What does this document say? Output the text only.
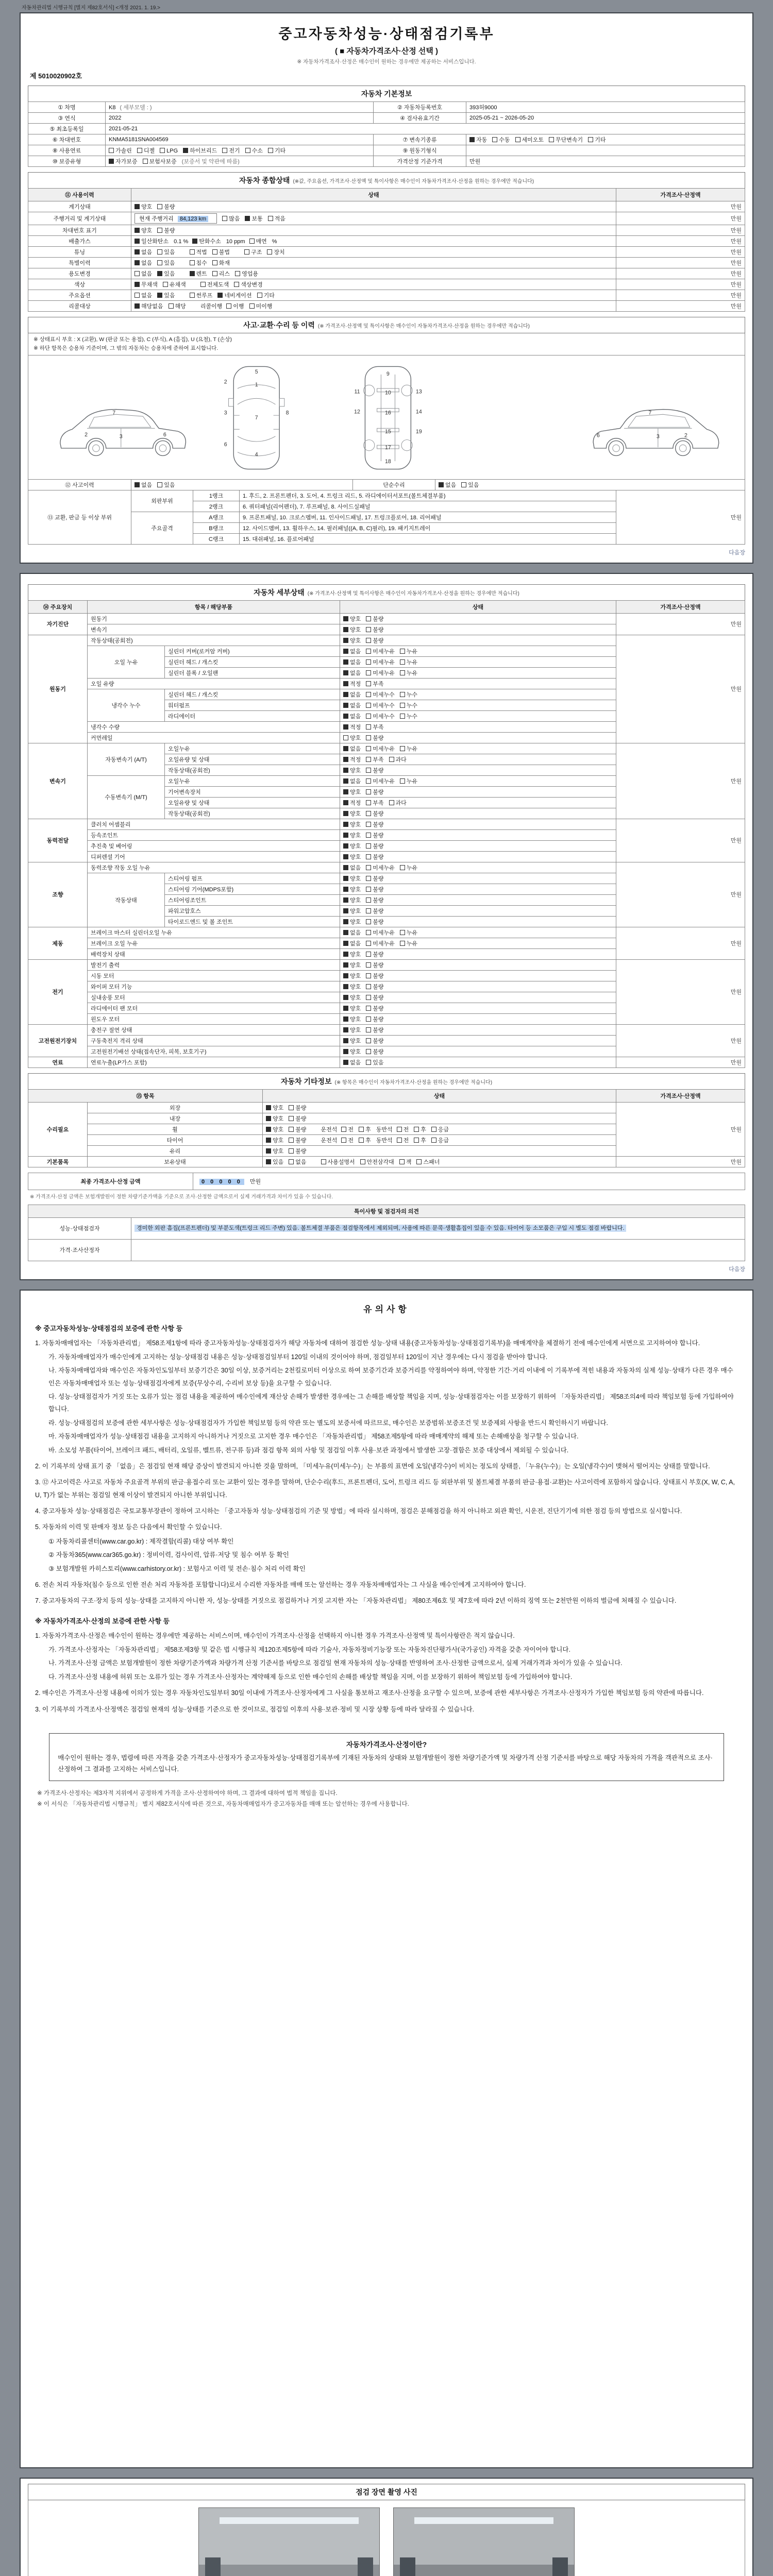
자동차관리법 시행규칙 [별지 제82호서식] <개정 2021. 1. 19.>
중고자동차성능·상태점검기록부
( ■ 자동차가격조사·산정 선택 )
※ 자동차가격조사·산정은 매수인이 원하는 경우에만 제공하는 서비스입니다.
제 5010020902호
자동차 기본정보
① 차명	K8 ( 세부모델 : )	② 자동차등록번호	393허9000
③ 연식	2022	④ 검사유효기간	2025-05-21 ~ 2026-05-20
⑤ 최초등록일	2021-05-21		
⑥ 차대번호	KNMA5181SNA004569	⑦ 변속기종류	자동 수동 세미오토 무단변속기 기타
⑧ 사용연료	가솔린 디젤 LPG 하이브리드 전기 수소 기타	⑨ 원동기형식	
⑩ 보증유형	자가보증 보험사보증 (보증서 및 약관에 따름)	가격산정 기준가격	만원
자동차 종합상태 (※값, 주요옵션, 가격조사·산정액 및 특이사항은 매수인이 자동차가격조사·산정을 원하는 경우에만 적습니다)
⑪ 사용이력	상태	가격조사·산정액
계기상태	양호 불량	만원
주행거리 및 계기상태	현재 주행거리 84,123 km 많음 보통 적음	만원
차대번호 표기	양호 불량	만원
배출가스	일산화탄소 0.1 % 탄화수소 10 ppm 매연 %	만원
튜닝	없음 있음 적법 불법 구조 장치	만원
특별이력	없음 있음 침수 화재	만원
용도변경	없음 있음 렌트 리스 영업용	만원
색상	무채색 유채색 전체도색 색상변경	만원
주요옵션	없음 있음 썬루프 네비게이션 기타	만원
리콜대상	해당없음 해당 리콜이행 이행 미이행	만원
사고·교환·수리 등 이력 (※ 가격조사·산정액 및 특이사항은 매수인이 자동차가격조사·산정을 원하는 경우에만 적습니다)
※ 상태표시 부호 : X (교환), W (판금 또는 용접), C (부식), A (흠집), U (요철), T (손상)
※ 하단 항목은 승용차 기준이며, 그 밖의 자동차는 승용차에 준하여 표시합니다.
2
7
3	6
5
1
7
4
2
3
6
8
9
10
16
15
17
18
11
12
13
14
19
2
3
7
6
⑫ 사고이력	없음 있음	단순수리	없음 있음
⑬ 교환, 판금 등 이상 부위	외판부위	1랭크	1. 후드, 2. 프론트펜더, 3. 도어, 4. 트렁크 리드, 5. 라디에이터서포트(볼트체결부품)	만원
		2랭크	6. 쿼터패널(리어펜더), 7. 루프패널, 8. 사이드실패널	
	주요골격	A랭크	9. 프론트패널, 10. 크로스멤버, 11. 인사이드패널, 17. 트렁크플로어, 18. 리어패널	
		B랭크	12. 사이드멤버, 13. 휠하우스, 14. 필러패널((A, B, C)필러), 19. 패키지트레이	
		C랭크	15. 대쉬패널, 16. 플로어패널	
다음장
자동차 세부상태 (※ 가격조사·산정액 및 특이사항은 매수인이 자동차가격조사·산정을 원하는 경우에만 적습니다)
⑭ 주요장치	항목 / 해당부품		상태	가격조사·산정액
자기진단	원동기		양호 불량	만원
	변속기		양호 불량	
원동기	작동상태(공회전)		양호 불량	만원
	오일 누유	실린더 커버(로커암 커버)	없음 미세누유 누유	
		실린더 헤드 / 개스킷	없음 미세누유 누유	
		실린더 블록 / 오일팬	없음 미세누유 누유	
	오일 유량		적정 부족	
	냉각수 누수	실린더 헤드 / 개스킷	없음 미세누수 누수	
		워터펌프	없음 미세누수 누수	
		라디에이터	없음 미세누수 누수	
	냉각수 수량		적정 부족	
	커먼레일		양호 불량	
변속기	자동변속기 (A/T)	오일누유	없음 미세누유 누유	만원
		오일유량 및 상태	적정 부족 과다	
		작동상태(공회전)	양호 불량	
	수동변속기 (M/T)	오일누유	없음 미세누유 누유	
		기어변속장치	양호 불량	
		오일유량 및 상태	적정 부족 과다	
		작동상태(공회전)	양호 불량	
동력전달	클러치 어셈블리		양호 불량	만원
	등속조인트		양호 불량	
	추진축 및 베어링		양호 불량	
	디퍼렌셜 기어		양호 불량	
조향	동력조향 작동 오일 누유		없음 미세누유 누유	만원
	작동상태	스티어링 펌프	양호 불량	
		스티어링 기어(MDPS포함)	양호 불량	
		스티어링조인트	양호 불량	
		파워고압호스	양호 불량	
		타이로드엔드 및 볼 조인트	양호 불량	
제동	브레이크 마스터 실린더오일 누유		없음 미세누유 누유	만원
	브레이크 오일 누유		없음 미세누유 누유	
	배력장치 상태		양호 불량	
전기	발전기 출력		양호 불량	만원
	시동 모터		양호 불량	
	와이퍼 모터 기능		양호 불량	
	실내송풍 모터		양호 불량	
	라디에이터 팬 모터		양호 불량	
	윈도우 모터		양호 불량	
고전원전기장치	충전구 절연 상태		양호 불량	만원
	구동축전지 격리 상태		양호 불량	
	고전원전기배선 상태(접속단자, 피복, 보호기구)		양호 불량	
연료	연료누출(LP가스 포함)		없음 있음	만원
자동차 기타정보 (※ 항목은 매수인이 자동차가격조사·산정을 원하는 경우에만 적습니다)
⑮ 항목		상태	가격조사·산정액
수리필요	외장	양호 불량	만원
	내장	양호 불량	
	휠	양호 불량 운전석 전 후 동반석 전 후 응급	
	타이어	양호 불량 운전석 전 후 동반석 전 후 응급	
	유리	양호 불량	
기본품목	보유상태	있음 없음 사용설명서 안전삼각대 잭 스패너	만원
최종 가격조사·산정 금액	0 0 0 0 0 만원
※ 가격조사·산정 금액은 보험개발원이 정한 차량기준가액을 기준으로 조사·산정한 금액으로서 실제 거래가격과 차이가 있을 수 있습니다.
특이사항 및 점검자의 의견	
성능·상태점검자	경미한 외판 흠집(프론트펜더) 및 부분도색(트렁크 리드 주변) 있음. 볼트체결 부품은 점검항목에서 제외되며, 사용에 따른 문콕·생활흠집이 있을 수 있음. 타이어 등 소모품은 구입 시 별도 점검 바랍니다.
가격·조사산정자	
다음장
유의사항
※ 중고자동차성능·상태점검의 보증에 관한 사항 등

1. 자동차매매업자는 「자동차관리법」 제58조제1항에 따라 중고자동차성능·상태점검자가 해당 자동차에 대하여 점검한 성능·상태 내용(중고자동차성능·상태점검기록부)을 매매계약을 체결하기 전에 매수인에게 서면으로 고지하여야 합니다.

가. 자동차매매업자가 매수인에게 고지하는 성능·상태점검 내용은 성능·상태점검일부터 120일 이내의 것이어야 하며, 점검일부터 120일이 지난 경우에는 다시 점검을 받아야 합니다.

나. 자동차매매업자와 매수인은 자동차인도일부터 보증기간은 30일 이상, 보증거리는 2천킬로미터 이상으로 하여 보증기간과 보증거리를 약정하여야 하며, 약정한 기간·거리 이내에 이 기록부에 적힌 내용과 자동차의 실제 성능·상태가 다른 경우 매수인은 자동차매매업자 또는 성능·상태점검자에게 보증(무상수리, 수리비 보상 등)을 요구할 수 있습니다.

다. 성능·상태점검자가 거짓 또는 오류가 있는 점검 내용을 제공하여 매수인에게 재산상 손해가 발생한 경우에는 그 손해를 배상할 책임을 지며, 성능·상태점검자는 이를 보장하기 위하여 「자동차관리법」 제58조의4에 따라 책임보험 등에 가입하여야 합니다.

라. 성능·상태점검의 보증에 관한 세부사항은 성능·상태점검자가 가입한 책임보험 등의 약관 또는 별도의 보증서에 따르므로, 매수인은 보증범위·보증조건 및 보증제외 사항을 반드시 확인하시기 바랍니다.

마. 자동차매매업자가 성능·상태점검 내용을 고지하지 아니하거나 거짓으로 고지한 경우 매수인은 「자동차관리법」 제58조제5항에 따라 매매계약의 해제 또는 손해배상을 청구할 수 있습니다.

바. 소모성 부품(타이어, 브레이크 패드, 배터리, 오일류, 벨트류, 전구류 등)과 점검 항목 외의 사항 및 점검일 이후 사용·보관 과정에서 발생한 고장·결함은 보증 대상에서 제외될 수 있습니다.

2. 이 기록부의 상태 표기 중 「없음」은 점검일 현재 해당 증상이 발견되지 아니한 것을 말하며, 「미세누유(미세누수)」는 부품의 표면에 오일(냉각수)이 비치는 정도의 상태를, 「누유(누수)」는 오일(냉각수)이 맺혀서 떨어지는 상태를 말합니다.

3. ⑫ 사고이력은 사고로 자동차 주요골격 부위의 판금·용접수리 또는 교환이 있는 경우를 말하며, 단순수리(후드, 프론트펜더, 도어, 트렁크 리드 등 외판부위 및 볼트체결 부품의 판금·용접·교환)는 사고이력에 포함하지 않습니다. 상태표시 부호(X, W, C, A, U, T)가 없는 부위는 점검일 현재 이상이 발견되지 아니한 부위입니다.

4. 중고자동차 성능·상태점검은 국토교통부장관이 정하여 고시하는 「중고자동차 성능·상태점검의 기준 및 방법」에 따라 실시하며, 점검은 분해점검을 하지 아니하고 외관 확인, 시운전, 진단기기에 의한 점검 등의 방법으로 실시합니다.

5. 자동차의 이력 및 판매자 정보 등은 다음에서 확인할 수 있습니다.

① 자동차리콜센터(www.car.go.kr) : 제작결함(리콜) 대상 여부 확인

② 자동차365(www.car365.go.kr) : 정비이력, 검사이력, 압류·저당 및 침수 여부 등 확인

③ 보험개발원 카히스토리(www.carhistory.or.kr) : 보험사고 이력 및 전손·침수 처리 이력 확인

6. 전손 처리 자동차(침수 등으로 인한 전손 처리 자동차를 포함합니다)로서 수리한 자동차를 매매 또는 알선하는 경우 자동차매매업자는 그 사실을 매수인에게 고지하여야 합니다.

7. 중고자동차의 구조·장치 등의 성능·상태를 고지하지 아니한 자, 성능·상태를 거짓으로 점검하거나 거짓 고지한 자는 「자동차관리법」 제80조제6호 및 제7호에 따라 2년 이하의 징역 또는 2천만원 이하의 벌금에 처해질 수 있습니다.

※ 자동차가격조사·산정의 보증에 관한 사항 등

1. 자동차가격조사·산정은 매수인이 원하는 경우에만 제공하는 서비스이며, 매수인이 가격조사·산정을 선택하지 아니한 경우 가격조사·산정액 및 특이사항란은 적지 않습니다.

가. 가격조사·산정자는 「자동차관리법」 제58조제3항 및 같은 법 시행규칙 제120조제5항에 따라 기술사, 자동차정비기능장 또는 자동차진단평가사(국가공인) 자격을 갖춘 자이어야 합니다.

나. 가격조사·산정 금액은 보험개발원이 정한 차량기준가액과 차량가격 산정 기준서를 바탕으로 점검일 현재 자동차의 성능·상태를 반영하여 조사·산정한 금액으로서, 실제 거래가격과 차이가 있을 수 있습니다.

다. 가격조사·산정 내용에 허위 또는 오류가 있는 경우 가격조사·산정자는 계약해제 등으로 인한 매수인의 손해를 배상할 책임을 지며, 이를 보장하기 위하여 책임보험 등에 가입하여야 합니다.

2. 매수인은 가격조사·산정 내용에 이의가 있는 경우 자동차인도일부터 30일 이내에 가격조사·산정자에게 그 사실을 통보하고 재조사·산정을 요구할 수 있으며, 보증에 관한 세부사항은 가격조사·산정자가 가입한 책임보험 등의 약관에 따릅니다.

3. 이 기록부의 가격조사·산정액은 점검일 현재의 성능·상태를 기준으로 한 것이므로, 점검일 이후의 사용·보관·정비 및 시장 상황 등에 따라 달라질 수 있습니다.

자동차가격조사·산정이란?
매수인이 원하는 경우, 법령에 따른 자격을 갖춘 가격조사·산정자가 중고자동차성능·상태점검기록부에 기재된 자동차의 상태와 보험개발원이 정한 차량기준가액 및 차량가격 산정 기준서를 바탕으로 해당 자동차의 가격을 객관적으로 조사·산정하여 그 결과를 고지하는 서비스입니다.
※ 가격조사·산정자는 제3자적 지위에서 공정하게 가격을 조사·산정하여야 하며, 그 결과에 대하여 법적 책임을 집니다.
※ 이 서식은 「자동차관리법 시행규칙」 별지 제82호서식에 따른 것으로, 자동차매매업자가 중고자동차를 매매 또는 알선하는 경우에 사용합니다.
점검 장면 촬영 사진
